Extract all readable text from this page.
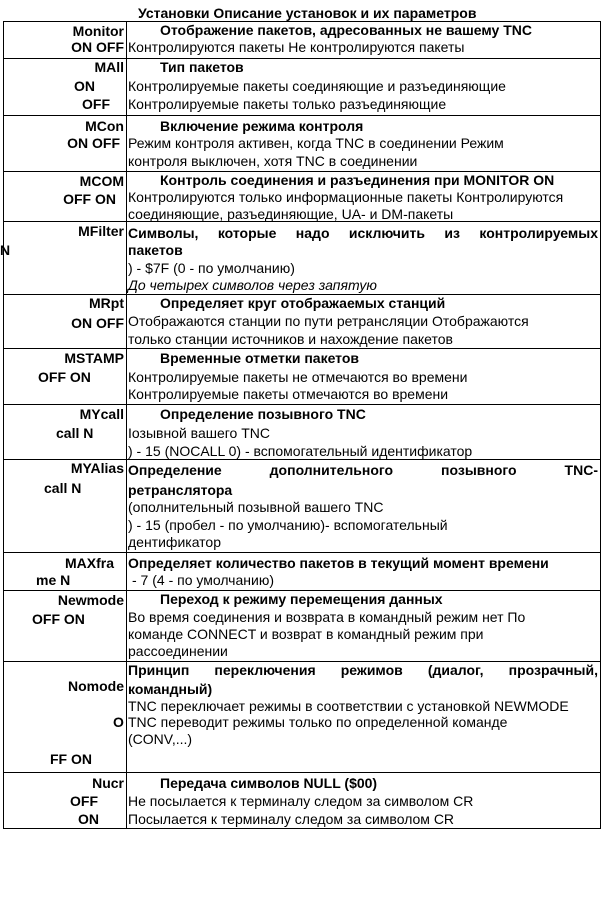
Установки Описание установок и их параметров
Monitor
ON OFF
Отображение пакетов, адресованных не вашему TNC
Контролируются пакеты Не контролируются пакеты
MAll
ON
OFF
Тип пакетов
Контролируемые пакеты соединяющие и разъединяющие
Контролируемые пакеты только разъединяющие
MCon
ON OFF
Включение режима контроля
Режим контроля активен, когда TNC в соединении Режим
контроля выключен, хотя TNC в соединении
MCOM
OFF ON
Контроль соединения и разъединения при MONITOR ON
Контролируются только информационные пакеты Контролируются
соединяющие, разъединяющие, UA- и DM-пакеты
MFilter
N
Символы, которые надо исключить из контролируемых
пакетов
) - $7F (0 - по умолчанию)
До четырех символов через запятую
MRpt
ON OFF
Определяет круг отображаемых станций
Отображаются станции по пути ретрансляции Отображаются
только станции источников и нахождение пакетов
MSTAMP
OFF ON
Временные отметки пакетов
Контролируемые пакеты не отмечаются во времени
Контролируемые пакеты отмечаются во времени
MYcall
call N
Определение позывного TNC
Iозывной вашего TNC
) - 15 (NOCALL 0) - вспомогательный идентификатор
MYAlias
call N
Определение дополнительного позывного TNC-
ретранслятора
(ополнительный позывной вашего TNC
) - 15 (пробел - по умолчанию)- вспомогательный
дентификатор
MAXfra
me N
Определяет количество пакетов в текущий момент времени
- 7 (4 - по умолчанию)
Newmode
OFF ON
Переход к режиму перемещения данных
Во время соединения и возврата в командный режим нет По
команде CONNECT и возврат в командный режим при
рассоединении
Nomode
O
FF ON
Принцип переключения режимов (диалог, прозрачный,
командный)
TNC переключает режимы в соответствии с установкой NEWMODE
TNC переводит режимы только по определенной команде
(CONV,...)
Nucr
OFF
ON
Передача символов NULL ($00)
Не посылается к терминалу следом за символом CR
Посылается к терминалу следом за символом CR
